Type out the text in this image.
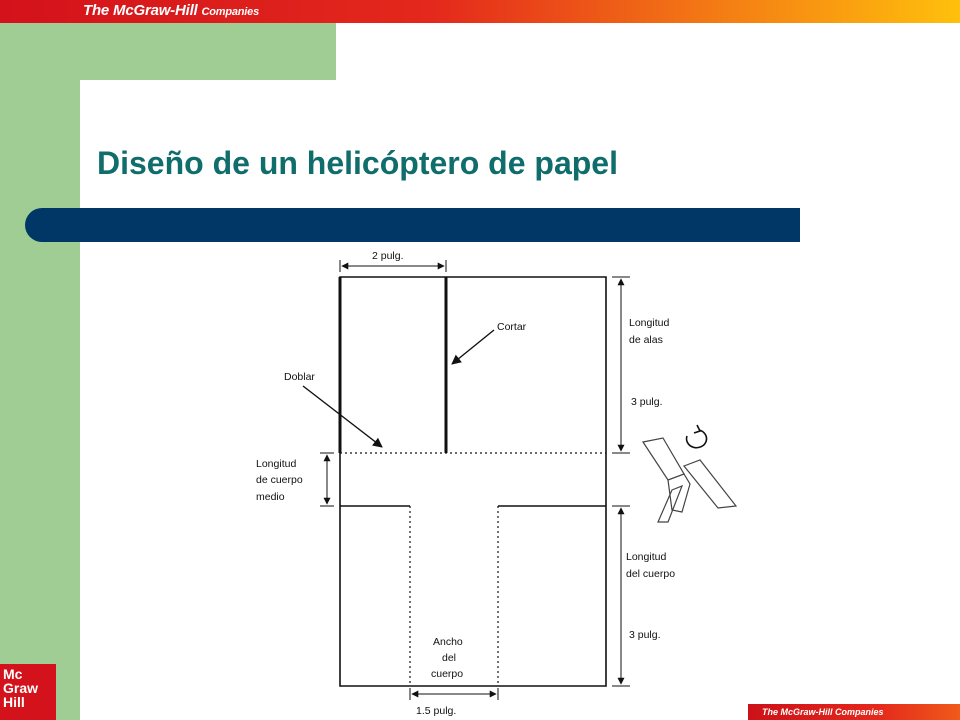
The McGraw-Hill Companies
Diseño de un helicóptero de papel
2 pulg.
Cortar
Doblar
Longitud
de alas
3 pulg.
Longitud
de cuerpo
medio
Longitud
del cuerpo
3 pulg.
Ancho
del
cuerpo
1.5 pulg.
Mc
Graw
Hill
The McGraw-Hill Companies
